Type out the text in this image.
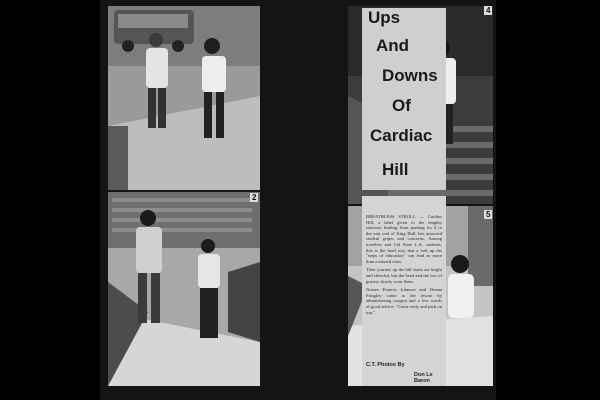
2
4
5
Ups
And
Downs
Of
Cardiac
Hill

BREATHLESS STROLL — Cardiac Hill, a label given to the lengthy stairway leading from parking lot 4 to the east end of King Hall, has attracted student gripes and concerns. Among travelers and Cal State L.A. students, this is the hard way that a trek up the "steps of education" can lead to more than a missed class.

Their journey up the hill starts out bright and cheerful, but the head and the law of gravity slowly wear them.

Nurses Frances Johnson and Donna Fringley come to the rescue by administering oxygen and a few words of good advice: "Come early and park on top."

C.T. Photos By
Don Le Baron
